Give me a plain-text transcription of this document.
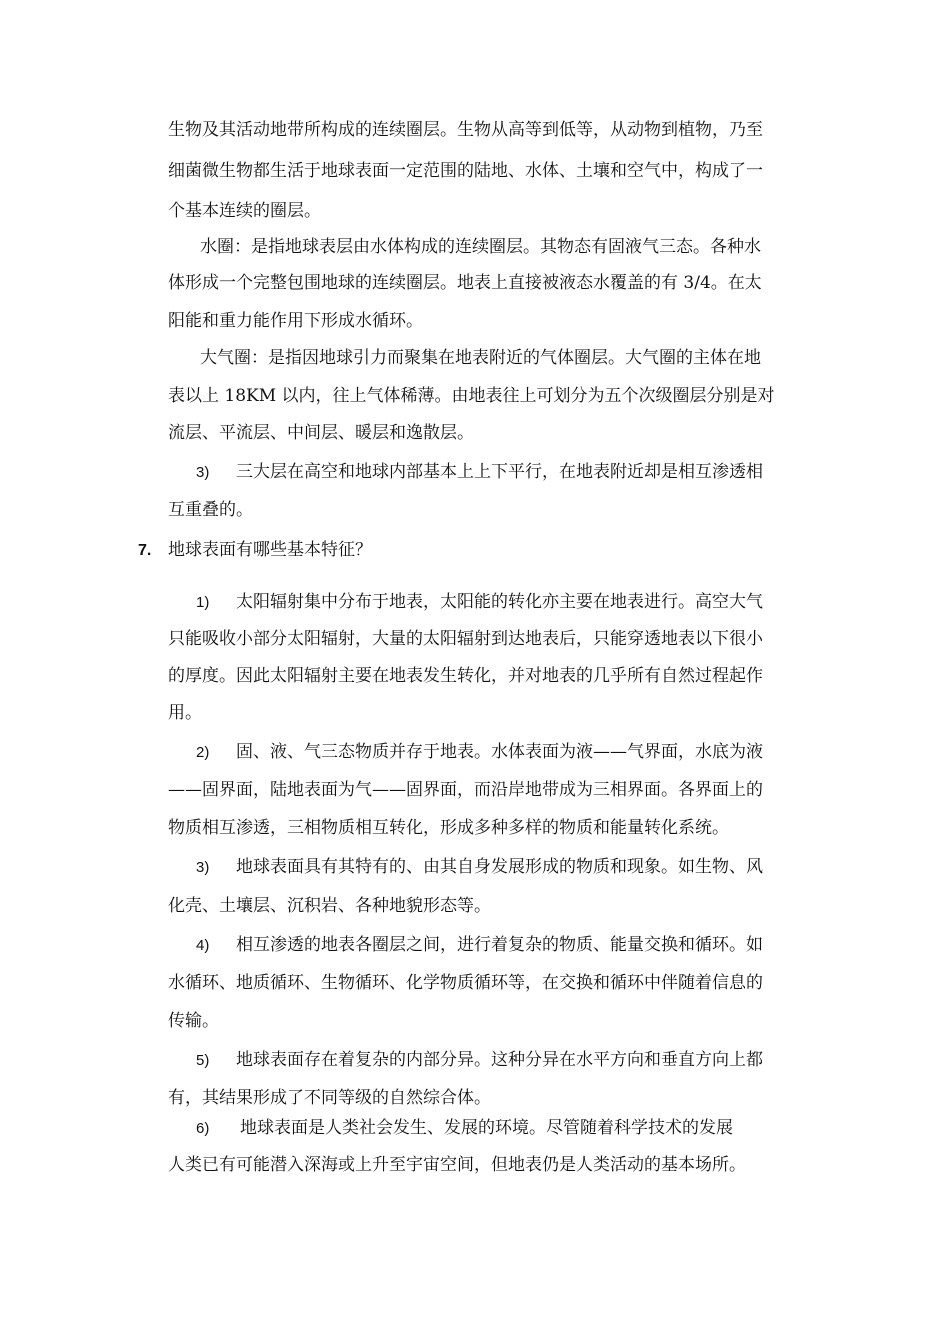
生物及其活动地带所构成的连续圈层。生物从高等到低等，从动物到植物，乃至
细菌微生物都生活于地球表面一定范围的陆地、水体、土壤和空气中，构成了一
个基本连续的圈层。
水圈：是指地球表层由水体构成的连续圈层。其物态有固液气三态。各种水
体形成一个完整包围地球的连续圈层。地表上直接被液态水覆盖的有 3/4。在太
阳能和重力能作用下形成水循环。
大气圈：是指因地球引力而聚集在地表附近的气体圈层。大气圈的主体在地
表以上 18KM 以内，往上气体稀薄。由地表往上可划分为五个次级圈层分别是对
流层、平流层、中间层、暖层和逸散层。
3) 三大层在高空和地球内部基本上上下平行，在地表附近却是相互渗透相
互重叠的。
7. 地球表面有哪些基本特征？
1) 太阳辐射集中分布于地表，太阳能的转化亦主要在地表进行。高空大气
只能吸收小部分太阳辐射，大量的太阳辐射到达地表后，只能穿透地表以下很小
的厚度。因此太阳辐射主要在地表发生转化，并对地表的几乎所有自然过程起作
用。
2) 固、液、气三态物质并存于地表。水体表面为液——气界面，水底为液
——固界面，陆地表面为气——固界面，而沿岸地带成为三相界面。各界面上的
物质相互渗透，三相物质相互转化，形成多种多样的物质和能量转化系统。
3) 地球表面具有其特有的、由其自身发展形成的物质和现象。如生物、风
化壳、土壤层、沉积岩、各种地貌形态等。
4) 相互渗透的地表各圈层之间，进行着复杂的物质、能量交换和循环。如
水循环、地质循环、生物循环、化学物质循环等，在交换和循环中伴随着信息的
传输。
5) 地球表面存在着复杂的内部分异。这种分异在水平方向和垂直方向上都
有，其结果形成了不同等级的自然综合体。
6) 地球表面是人类社会发生、发展的环境。尽管随着科学技术的发展
人类已有可能潜入深海或上升至宇宙空间，但地表仍是人类活动的基本场所。
